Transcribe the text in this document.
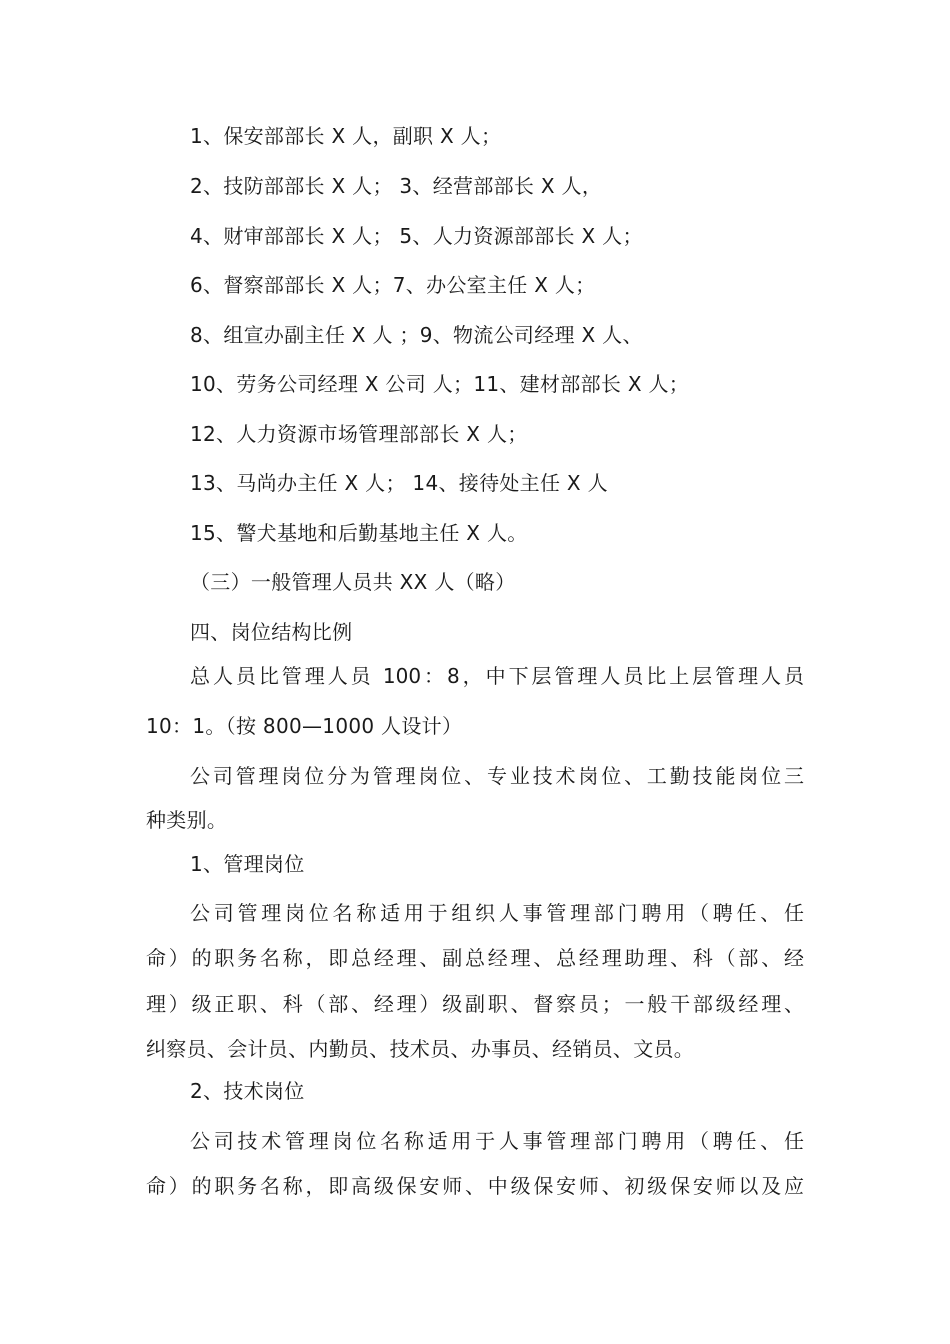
1、保安部部长 X 人，副职 X 人；
2、技防部部长 X 人； 3、经营部部长 X 人，
4、财审部部长 X 人； 5、人力资源部部长 X 人；
6、督察部部长 X 人；7、办公室主任 X 人；
8、组宣办副主任 X 人 ；9、物流公司经理 X 人、
10、劳务公司经理 X 公司 人；11、建材部部长 X 人；
12、人力资源市场管理部部长 X 人；
13、马尚办主任 X 人； 14、接待处主任 X 人
15、警犬基地和后勤基地主任 X 人。
（三）一般管理人员共 XX 人（略）
四、岗位结构比例
总人员比管理人员 100：8，中下层管理人员比上层管理人员
10：1。（按 800—1000 人设计）
公司管理岗位分为管理岗位、专业技术岗位、工勤技能岗位三
种类别。
1、管理岗位
公司管理岗位名称适用于组织人事管理部门聘用（聘任、任
命）的职务名称，即总经理、副总经理、总经理助理、科（部、经
理）级正职、科（部、经理）级副职、督察员；一般干部级经理、
纠察员、会计员、内勤员、技术员、办事员、经销员、文员。
2、技术岗位
公司技术管理岗位名称适用于人事管理部门聘用（聘任、任
命）的职务名称，即高级保安师、中级保安师、初级保安师以及应
